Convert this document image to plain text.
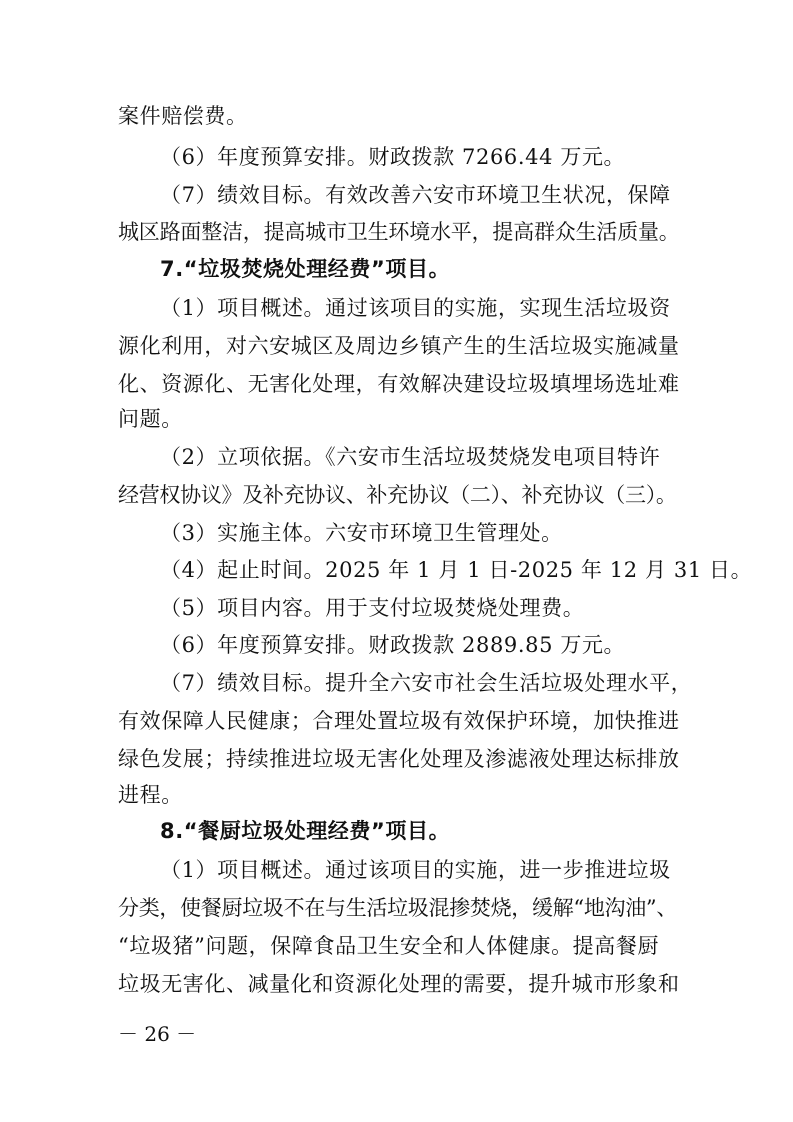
案件赔偿费。
（6）年度预算安排。财政拨款 7266.44 万元。
（7）绩效目标。有效改善六安市环境卫生状况，保障
城区路面整洁，提高城市卫生环境水平，提高群众生活质量。
7.“垃圾焚烧处理经费”项目。
（1）项目概述。通过该项目的实施，实现生活垃圾资
源化利用，对六安城区及周边乡镇产生的生活垃圾实施减量
化、资源化、无害化处理，有效解决建设垃圾填埋场选址难
问题。
（2）立项依据。《六安市生活垃圾焚烧发电项目特许
经营权协议》及补充协议、补充协议（二）、补充协议（三）。
（3）实施主体。六安市环境卫生管理处。
（4）起止时间。2025 年 1 月 1 日-2025 年 12 月 31 日。
（5）项目内容。用于支付垃圾焚烧处理费。
（6）年度预算安排。财政拨款 2889.85 万元。
（7）绩效目标。提升全六安市社会生活垃圾处理水平，
有效保障人民健康；合理处置垃圾有效保护环境，加快推进
绿色发展；持续推进垃圾无害化处理及渗滤液处理达标排放
进程。
8.“餐厨垃圾处理经费”项目。
（1）项目概述。通过该项目的实施，进一步推进垃圾
分类，使餐厨垃圾不在与生活垃圾混掺焚烧，缓解“地沟油”、
“垃圾猪”问题，保障食品卫生安全和人体健康。提高餐厨
垃圾无害化、减量化和资源化处理的需要，提升城市形象和
－ 26 －
